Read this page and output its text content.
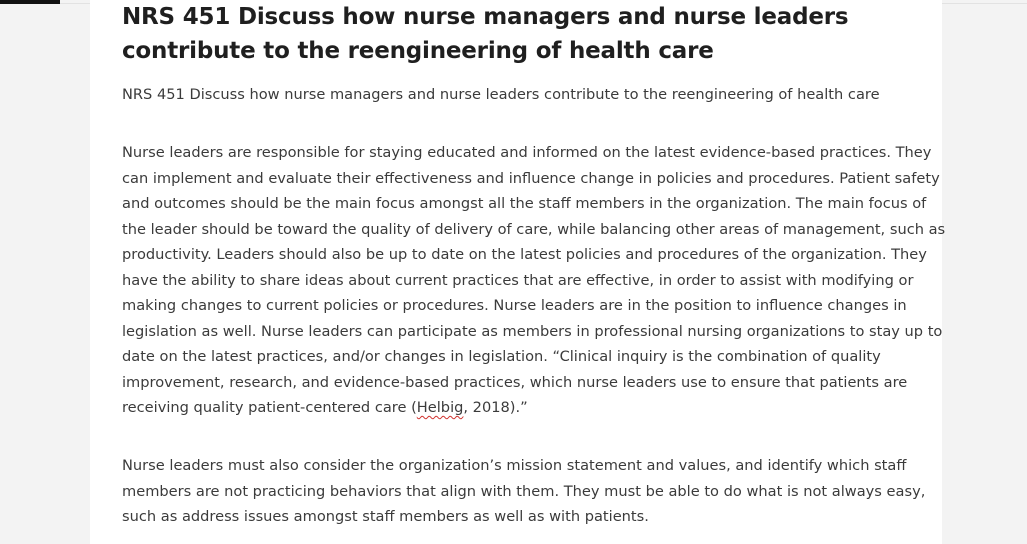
NRS 451 Discuss how nurse managers and nurse leaders
contribute to the reengineering of health care

NRS 451 Discuss how nurse managers and nurse leaders contribute to the reengineering of health care

Nurse leaders are responsible for staying educated and informed on the latest evidence-based practices. They
can implement and evaluate their effectiveness and influence change in policies and procedures. Patient safety
and outcomes should be the main focus amongst all the staff members in the organization. The main focus of
the leader should be toward the quality of delivery of care, while balancing other areas of management, such as
productivity. Leaders should also be up to date on the latest policies and procedures of the organization. They
have the ability to share ideas about current practices that are effective, in order to assist with modifying or
making changes to current policies or procedures. Nurse leaders are in the position to influence changes in
legislation as well. Nurse leaders can participate as members in professional nursing organizations to stay up to
date on the latest practices, and/or changes in legislation. “Clinical inquiry is the combination of quality
improvement, research, and evidence-based practices, which nurse leaders use to ensure that patients are
receiving quality patient-centered care (Helbig, 2018).”

Nurse leaders must also consider the organization’s mission statement and values, and identify which staff
members are not practicing behaviors that align with them. They must be able to do what is not always easy,
such as address issues amongst staff members as well as with patients.
